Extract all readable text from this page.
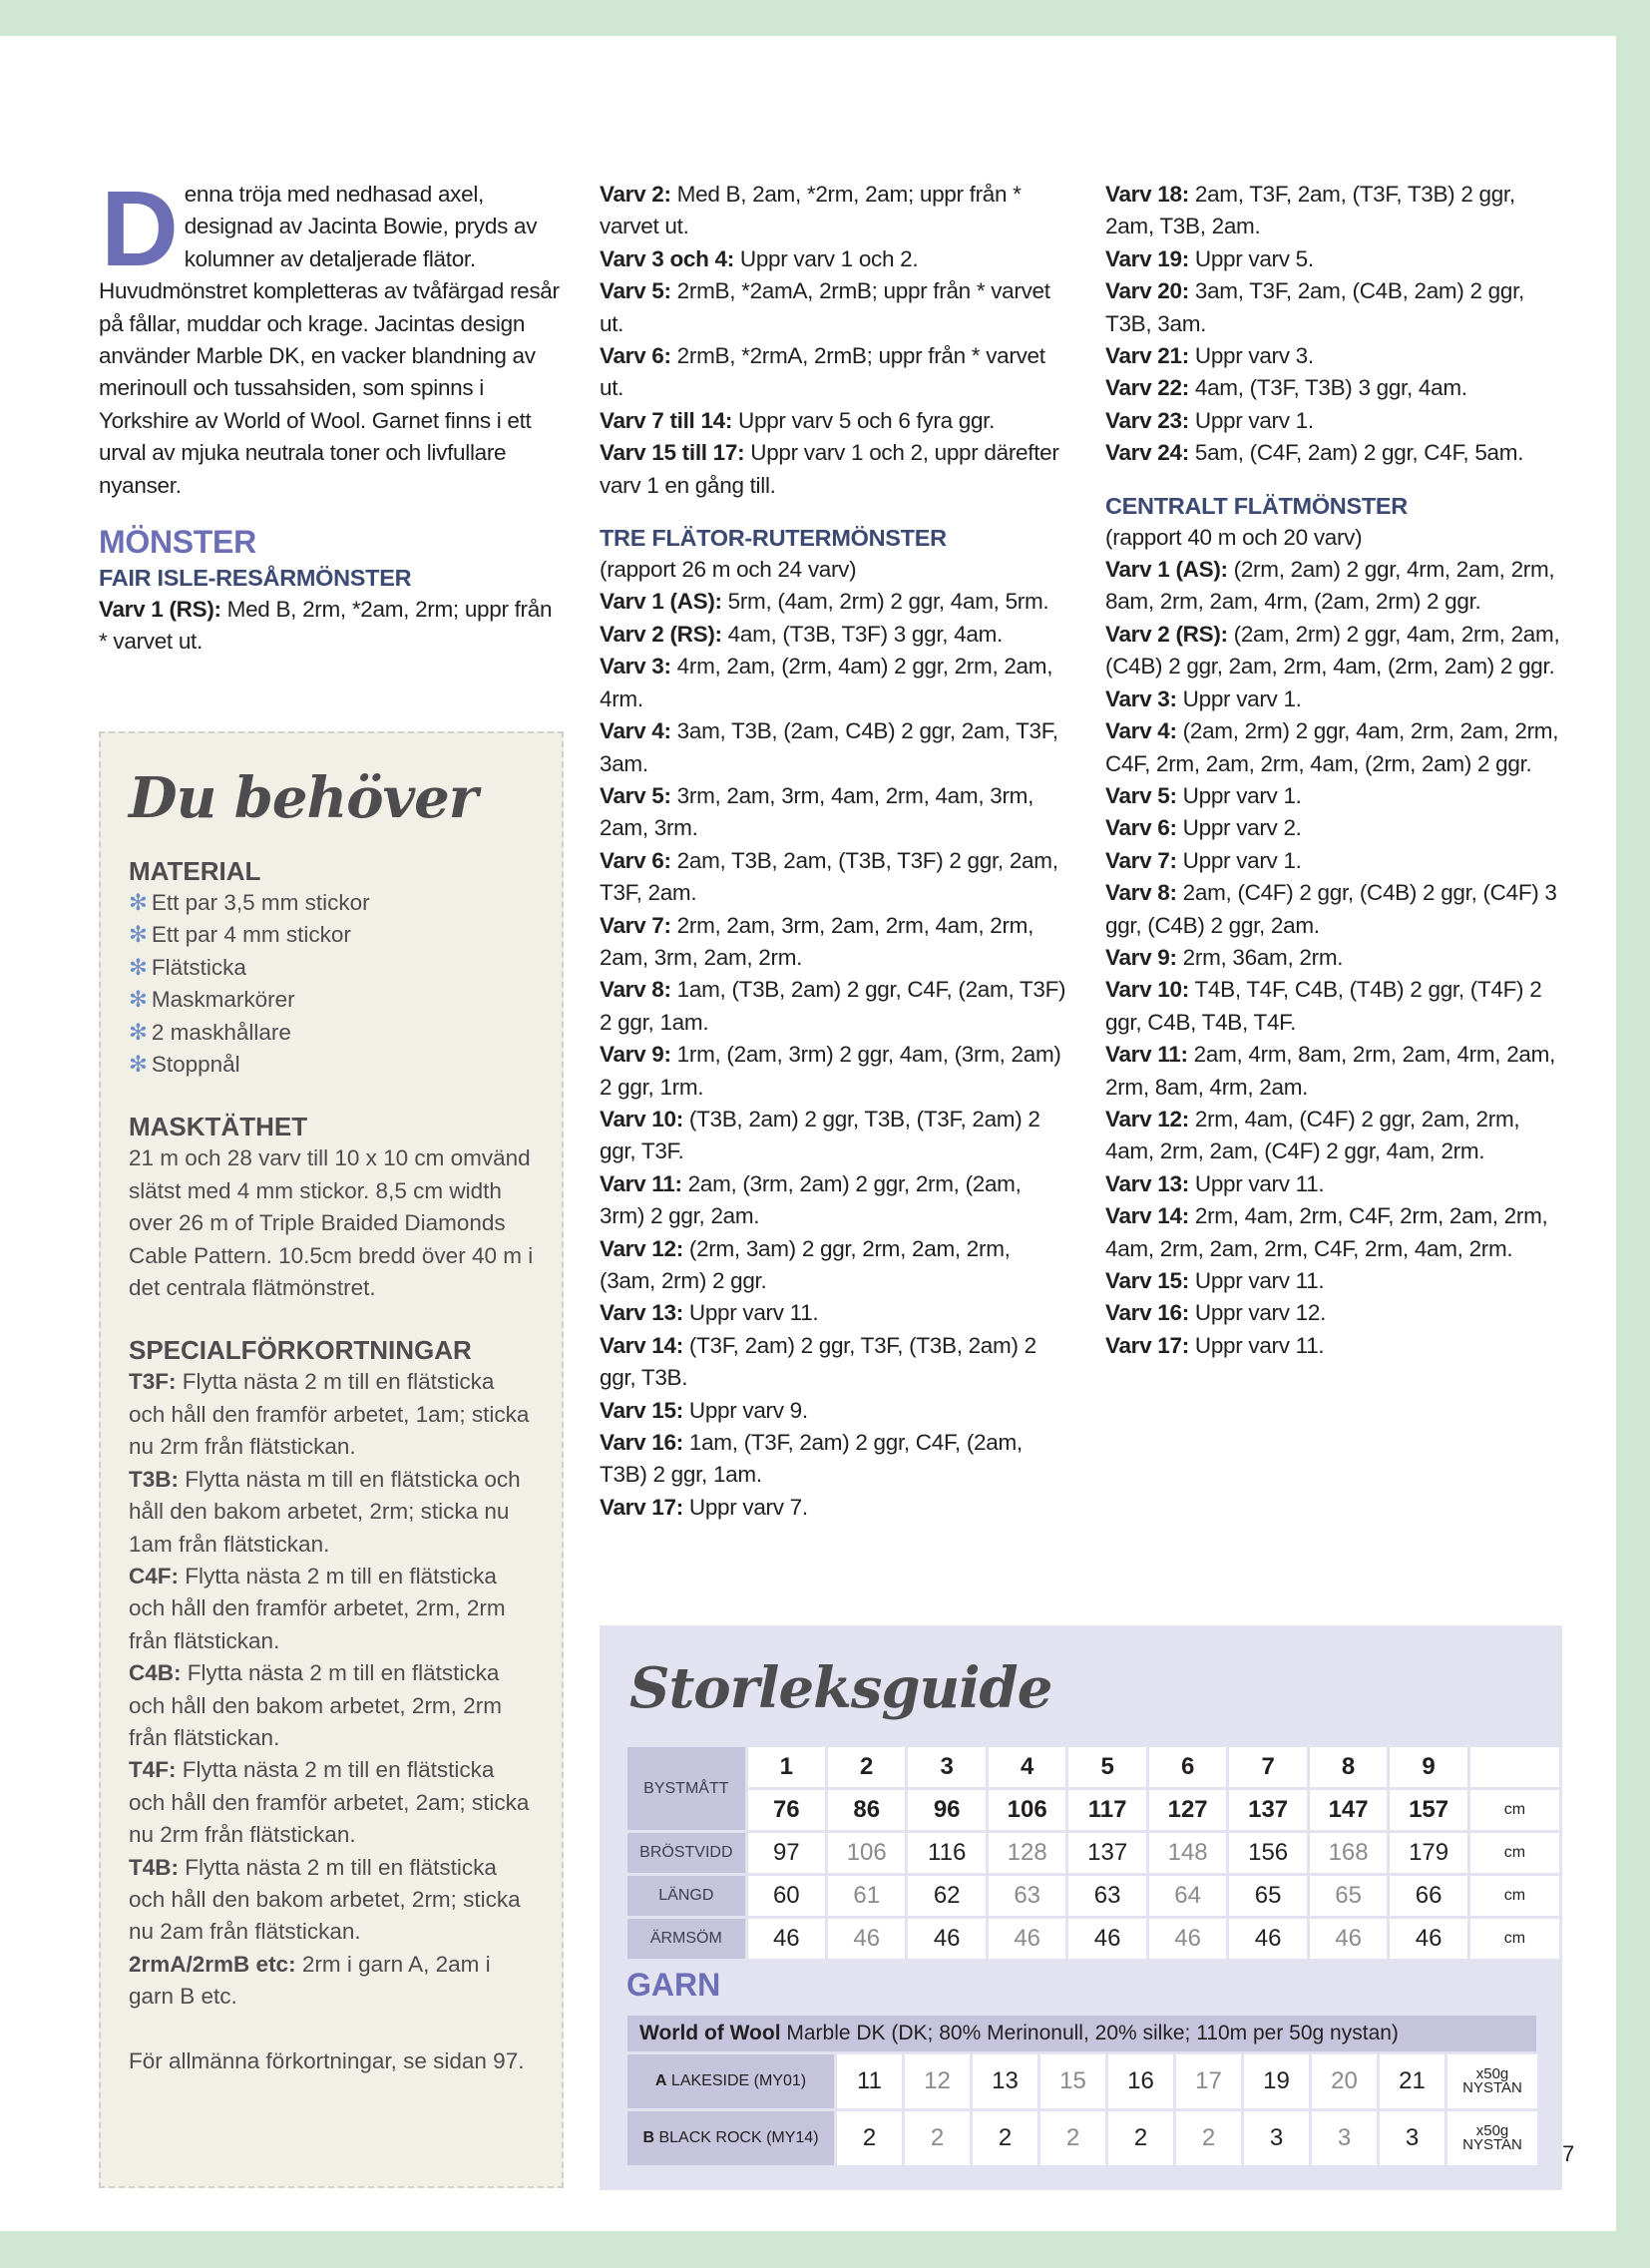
Denna tröja med nedhasad axel, designad av Jacinta Bowie, pryds av kolumner av detaljerade flätor. Huvudmönstret kompletteras av tvåfärgad resår på fållar, muddar och krage. Jacintas design använder Marble DK, en vacker blandning av merinoull och tussahsiden, som spinns i Yorkshire av World of Wool. Garnet finns i ett urval av mjuka neutrala toner och livfullare nyanser.
MÖNSTER
FAIR ISLE-RESÅRMÖNSTER
Varv 1 (RS): Med B, 2rm, *2am, 2rm; uppr från * varvet ut.
Du behöver
MATERIAL
✻ Ett par 3,5 mm stickor
✻ Ett par 4 mm stickor
✻ Flätsticka
✻ Maskmarkörer
✻ 2 maskhållare
✻ Stoppnål
MASKTÄTHET
21 m och 28 varv till 10 x 10 cm omvänd slätst med 4 mm stickor. 8,5 cm width over 26 m of Triple Braided Diamonds Cable Pattern. 10.5cm bredd över 40 m i det centrala flätmönstret.
SPECIALFÖRKORTNINGAR
T3F: Flytta nästa 2 m till en flätsticka och håll den framför arbetet, 1am; sticka nu 2rm från flätstickan.
T3B: Flytta nästa m till en flätsticka och håll den bakom arbetet, 2rm; sticka nu 1am från flätstickan.
C4F: Flytta nästa 2 m till en flätsticka och håll den framför arbetet, 2rm, 2rm från flätstickan.
C4B: Flytta nästa 2 m till en flätsticka och håll den bakom arbetet, 2rm, 2rm från flätstickan.
T4F: Flytta nästa 2 m till en flätsticka och håll den framför arbetet, 2am; sticka nu 2rm från flätstickan.
T4B: Flytta nästa 2 m till en flätsticka och håll den bakom arbetet, 2rm; sticka nu 2am från flätstickan.
2rmA/2rmB etc: 2rm i garn A, 2am i garn B etc.
För allmänna förkortningar, se sidan 97.
Varv 2: Med B, 2am, *2rm, 2am; uppr från * varvet ut.
Varv 3 och 4: Uppr varv 1 och 2.
Varv 5: 2rmB, *2amA, 2rmB; uppr från * varvet ut.
Varv 6: 2rmB, *2rmA, 2rmB; uppr från * varvet ut.
Varv 7 till 14: Uppr varv 5 och 6 fyra ggr.
Varv 15 till 17: Uppr varv 1 och 2, uppr därefter varv 1 en gång till.
TRE FLÄTOR-RUTERMÖNSTER
(rapport 26 m och 24 varv)
Varv 1 (AS): 5rm, (4am, 2rm) 2 ggr, 4am, 5rm.
Varv 2 (RS): 4am, (T3B, T3F) 3 ggr, 4am.
Varv 3: 4rm, 2am, (2rm, 4am) 2 ggr, 2rm, 2am, 4rm.
Varv 4: 3am, T3B, (2am, C4B) 2 ggr, 2am, T3F, 3am.
Varv 5: 3rm, 2am, 3rm, 4am, 2rm, 4am, 3rm, 2am, 3rm.
Varv 6: 2am, T3B, 2am, (T3B, T3F) 2 ggr, 2am, T3F, 2am.
Varv 7: 2rm, 2am, 3rm, 2am, 2rm, 4am, 2rm, 2am, 3rm, 2am, 2rm.
Varv 8: 1am, (T3B, 2am) 2 ggr, C4F, (2am, T3F) 2 ggr, 1am.
Varv 9: 1rm, (2am, 3rm) 2 ggr, 4am, (3rm, 2am) 2 ggr, 1rm.
Varv 10: (T3B, 2am) 2 ggr, T3B, (T3F, 2am) 2 ggr, T3F.
Varv 11: 2am, (3rm, 2am) 2 ggr, 2rm, (2am, 3rm) 2 ggr, 2am.
Varv 12: (2rm, 3am) 2 ggr, 2rm, 2am, 2rm, (3am, 2rm) 2 ggr.
Varv 13: Uppr varv 11.
Varv 14: (T3F, 2am) 2 ggr, T3F, (T3B, 2am) 2 ggr, T3B.
Varv 15: Uppr varv 9.
Varv 16: 1am, (T3F, 2am) 2 ggr, C4F, (2am, T3B) 2 ggr, 1am.
Varv 17: Uppr varv 7.
Varv 18: 2am, T3F, 2am, (T3F, T3B) 2 ggr, 2am, T3B, 2am.
Varv 19: Uppr varv 5.
Varv 20: 3am, T3F, 2am, (C4B, 2am) 2 ggr, T3B, 3am.
Varv 21: Uppr varv 3.
Varv 22: 4am, (T3F, T3B) 3 ggr, 4am.
Varv 23: Uppr varv 1.
Varv 24: 5am, (C4F, 2am) 2 ggr, C4F, 5am.
CENTRALT FLÄTMÖNSTER
(rapport 40 m och 20 varv)
Varv 1 (AS): (2rm, 2am) 2 ggr, 4rm, 2am, 2rm, 8am, 2rm, 2am, 4rm, (2am, 2rm) 2 ggr.
Varv 2 (RS): (2am, 2rm) 2 ggr, 4am, 2rm, 2am, (C4B) 2 ggr, 2am, 2rm, 4am, (2rm, 2am) 2 ggr.
Varv 3: Uppr varv 1.
Varv 4: (2am, 2rm) 2 ggr, 4am, 2rm, 2am, 2rm, C4F, 2rm, 2am, 2rm, 4am, (2rm, 2am) 2 ggr.
Varv 5: Uppr varv 1.
Varv 6: Uppr varv 2.
Varv 7: Uppr varv 1.
Varv 8: 2am, (C4F) 2 ggr, (C4B) 2 ggr, (C4F) 3 ggr, (C4B) 2 ggr, 2am.
Varv 9: 2rm, 36am, 2rm.
Varv 10: T4B, T4F, C4B, (T4B) 2 ggr, (T4F) 2 ggr, C4B, T4B, T4F.
Varv 11: 2am, 4rm, 8am, 2rm, 2am, 4rm, 2am, 2rm, 8am, 4rm, 2am.
Varv 12: 2rm, 4am, (C4F) 2 ggr, 2am, 2rm, 4am, 2rm, 2am, (C4F) 2 ggr, 4am, 2rm.
Varv 13: Uppr varv 11.
Varv 14: 2rm, 4am, 2rm, C4F, 2rm, 2am, 2rm, 4am, 2rm, 2am, 2rm, C4F, 2rm, 4am, 2rm.
Varv 15: Uppr varv 11.
Varv 16: Uppr varv 12.
Varv 17: Uppr varv 11.
Storleksguide
BYSTMÅTT	1	2	3	4	5	6	7	8	9	
	76	86	96	106	117	127	137	147	157	cm
BRÖSTVIDD	97	106	116	128	137	148	156	168	179	cm
LÄNGD	60	61	62	63	63	64	65	65	66	cm
ÄRMSÖM	46	46	46	46	46	46	46	46	46	cm
GARN
World of Wool Marble DK (DK; 80% Merinonull, 20% silke; 110m per 50g nystan)
A LAKESIDE (MY01)	11	12	13	15	16	17	19	20	21	x50g
NYSTAN

B BLACK ROCK (MY14)	2	2	2	2	2	2	3	3	3	x50g
NYSTAN	7
